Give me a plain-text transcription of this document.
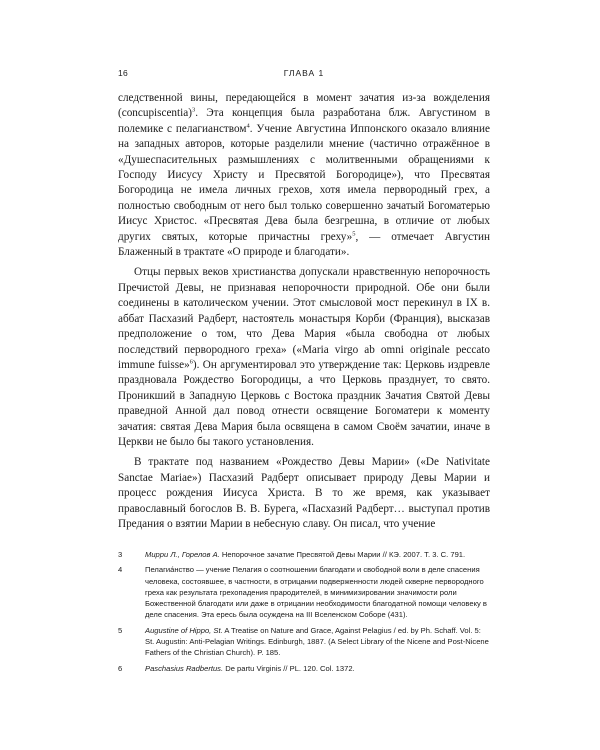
16	ГЛАВА 1

следственной вины, передающейся в момент зачатия из-за вожделения (concupiscentia)$^3$. Эта концепция была разработана блж. Августином в полемике с пелагианством$^4$. Учение Августина Иппонского оказало влияние на западных авторов, которые разделили мнение (частично отражённое в «Душеспасительных размышлениях с молитвенными обращениями к Господу Иисусу Христу и Пресвятой Богородице»), что Пресвятая Богородица не имела личных грехов, хотя имела первородный грех, а полностью свободным от него был только совершенно зачатый Богоматерью Иисус Христос. «Пресвятая Дева была безгрешна, в отличие от любых других святых, которые причастны греху»$^5$, — отмечает Августин Блаженный в трактате «О природе и благодати».

Отцы первых веков христианства допускали нравственную непорочность Пречистой Девы, не признавая непорочности природной. Обе они были соединены в католическом учении. Этот смысловой мост перекинул в IX в. аббат Пасхазий Радберт, настоятель монастыря Корби (Франция), высказав предположение о том, что Дева Мария «была свободна от любых последствий первородного греха» («Maria virgo ab omni originale peccato immune fuisse»$^6$). Он аргументировал это утверждение так: Церковь издревле праздновала Рождество Богородицы, а что Церковь празднует, то свято. Проникший в Западную Церковь с Востока праздник Зачатия Святой Девы праведной Анной дал повод отнести освящение Богоматери к моменту зачатия: святая Дева Мария была освящена в самом Своём зачатии, иначе в Церкви не было бы такого установления.

В трактате под названием «Рождество Девы Марии» («De Nativitate Sanctae Mariae») Пасхазий Радберт описывает природу Девы Марии и процесс рождения Иисуса Христа. В то же время, как указывает православный богослов В. В. Бурега, «Пасхазий Радберт… выступал против Предания о взятии Марии в небесную славу. Он писал, что учение

3	Мирри Л., Горелов А. Непорочное зачатие Пресвятой Девы Марии // КЭ. 2007. Т. 3. С. 791.
4	Пелагиáнство — учение Пелагия о соотношении благодати и свободной воли в деле спасения человека, состоявшее, в частности, в отрицании подверженности людей скверне первородного греха как результата грехопадения прародителей, в минимизировании значимости роли Божественной благодати или даже в отрицании необходимости благодатной помощи человеку в деле спасения. Эта ересь была осуждена на III Вселенском Соборе (431).
5	Augustine of Hippo, St. A Treatise on Nature and Grace, Against Pelagius / ed. by Ph. Schaff. Vol. 5: St. Augustin: Anti-Pelagian Writings. Edinburgh, 1887. (A Select Library of the Nicene and Post-Nicene Fathers of the Christian Church). P. 185.
6	Paschasius Radbertus. De partu Virginis // PL. 120. Col. 1372.
